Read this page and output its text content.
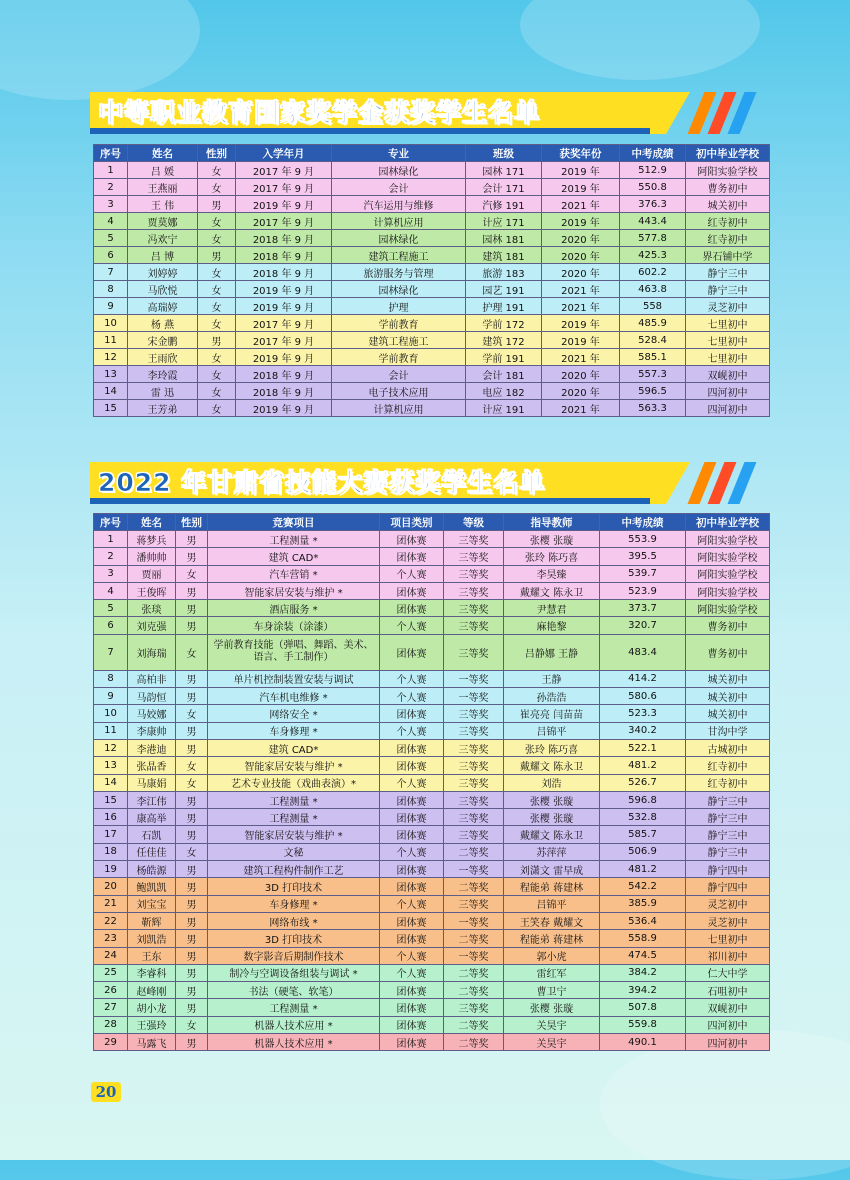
中等职业教育国家奖学金获奖学生名单
序号	姓名	性别	入学年月	专业	班级	获奖年份	中考成绩	初中毕业学校
1	吕 媛	女	2017 年 9 月	园林绿化	园林 171	2019 年	512.9	阿阳实验学校
2	王燕丽	女	2017 年 9 月	会计	会计 171	2019 年	550.8	曹务初中
3	王 伟	男	2019 年 9 月	汽车运用与维修	汽修 191	2021 年	376.3	城关初中
4	贾莫娜	女	2017 年 9 月	计算机应用	计应 171	2019 年	443.4	红寺初中
5	冯欢宁	女	2018 年 9 月	园林绿化	园林 181	2020 年	577.8	红寺初中
6	吕 博	男	2018 年 9 月	建筑工程施工	建筑 181	2020 年	425.3	界石铺中学
7	刘婷婷	女	2018 年 9 月	旅游服务与管理	旅游 183	2020 年	602.2	静宁三中
8	马欣悦	女	2019 年 9 月	园林绿化	园艺 191	2021 年	463.8	静宁三中
9	高瑞婷	女	2019 年 9 月	护理	护理 191	2021 年	558	灵芝初中
10	杨 燕	女	2017 年 9 月	学前教育	学前 172	2019 年	485.9	七里初中
11	宋金鹏	男	2017 年 9 月	建筑工程施工	建筑 172	2019 年	528.4	七里初中
12	王雨欣	女	2019 年 9 月	学前教育	学前 191	2021 年	585.1	七里初中
13	李玲霞	女	2018 年 9 月	会计	会计 181	2020 年	557.3	双岘初中
14	雷 迅	女	2018 年 9 月	电子技术应用	电应 182	2020 年	596.5	四河初中
15	王芳弟	女	2019 年 9 月	计算机应用	计应 191	2021 年	563.3	四河初中
2022 年甘肃省技能大赛获奖学生名单
序号	姓名	性别	竞赛项目	项目类别	等级	指导教师	中考成绩	初中毕业学校
1	蒋梦兵	男	工程测量 *	团体赛	三等奖	张樱 张璇	553.9	阿阳实验学校
2	潘帅帅	男	建筑 CAD*	团体赛	三等奖	张玲 陈巧喜	395.5	阿阳实验学校
3	贾丽	女	汽车营销 *	个人赛	三等奖	李昊臻	539.7	阿阳实验学校
4	王俊晖	男	智能家居安装与维护 *	团体赛	三等奖	戴耀文 陈永卫	523.9	阿阳实验学校
5	张琰	男	酒店服务 *	团体赛	三等奖	尹慧君	373.7	阿阳实验学校
6	刘克强	男	车身涂装（涂漆）	个人赛	三等奖	麻艳黎	320.7	曹务初中
7	刘海瑞	女	学前教育技能（弹唱、舞蹈、美术、语言、手工制作）	团体赛	三等奖	吕静娜 王静	483.4	曹务初中
8	高柏非	男	单片机控制装置安装与调试	个人赛	一等奖	王静	414.2	城关初中
9	马韵恒	男	汽车机电维修 *	个人赛	一等奖	孙浩浩	580.6	城关初中
10	马姣娜	女	网络安全 *	团体赛	三等奖	崔亮亮 闫苗苗	523.3	城关初中
11	李康帅	男	车身修理 *	个人赛	三等奖	吕锦平	340.2	甘沟中学
12	李港迪	男	建筑 CAD*	团体赛	三等奖	张玲 陈巧喜	522.1	古城初中
13	张晶香	女	智能家居安装与维护 *	团体赛	三等奖	戴耀文 陈永卫	481.2	红寺初中
14	马康娟	女	艺术专业技能（戏曲表演）*	个人赛	三等奖	刘浩	526.7	红寺初中
15	李江伟	男	工程测量 *	团体赛	三等奖	张樱 张璇	596.8	静宁三中
16	康高举	男	工程测量 *	团体赛	三等奖	张樱 张璇	532.8	静宁三中
17	石凯	男	智能家居安装与维护 *	团体赛	三等奖	戴耀文 陈永卫	585.7	静宁三中
18	任佳佳	女	文秘	个人赛	二等奖	苏萍萍	506.9	静宁三中
19	杨皓源	男	建筑工程构件制作工艺	团体赛	一等奖	刘潇文 雷早成	481.2	静宁四中
20	鲍凯凯	男	3D 打印技术	团体赛	二等奖	程能弟 蒋建林	542.2	静宁四中
21	刘宝宝	男	车身修理 *	个人赛	三等奖	吕锦平	385.9	灵芝初中
22	靳辉	男	网络布线 *	团体赛	一等奖	王笑春 戴耀文	536.4	灵芝初中
23	刘凯浩	男	3D 打印技术	团体赛	二等奖	程能弟 蒋建林	558.9	七里初中
24	王东	男	数字影音后期制作技术	个人赛	一等奖	郭小虎	474.5	祁川初中
25	李睿科	男	制冷与空调设备组装与调试 *	个人赛	二等奖	雷红军	384.2	仁大中学
26	赵峰刚	男	书法（硬笔、软笔）	团体赛	二等奖	曹卫宁	394.2	石咀初中
27	胡小龙	男	工程测量 *	团体赛	三等奖	张樱 张璇	507.8	双岘初中
28	王强玲	女	机器人技术应用 *	团体赛	二等奖	关昊宇	559.8	四河初中
29	马露飞	男	机器人技术应用 *	团体赛	二等奖	关昊宇	490.1	四河初中
20
